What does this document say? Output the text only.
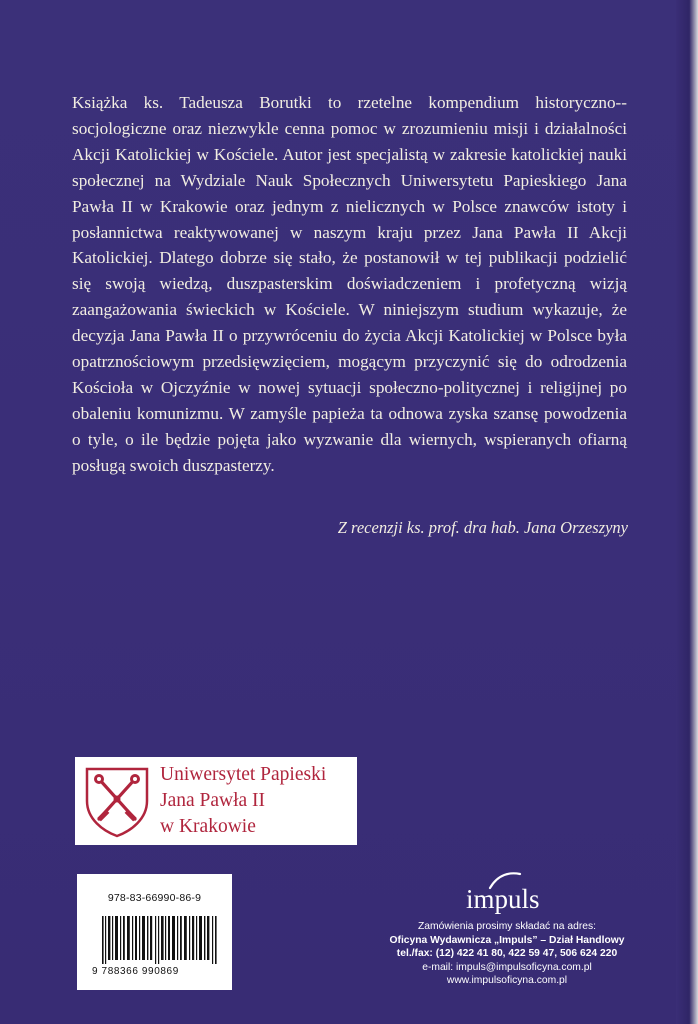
Książka ks. Tadeusza Borutki to rzetelne kompendium historyczno--socjologiczne oraz niezwykle cenna pomoc w zrozumieniu misji i działalności Akcji Katolickiej w Kościele. Autor jest specjalistą w zakresie katolickiej nauki społecznej na Wydziale Nauk Społecznych Uniwersytetu Papieskiego Jana Pawła II w Krakowie oraz jednym z nielicznych w Polsce znawców istoty i posłannictwa reaktywowanej w naszym kraju przez Jana Pawła II Akcji Katolickiej. Dlatego dobrze się stało, że postanowił w tej publikacji podzielić się swoją wiedzą, duszpasterskim doświadczeniem i profetyczną wizją zaangażowania świeckich w Kościele. W niniejszym studium wykazuje, że decyzja Jana Pawła II o przywróceniu do życia Akcji Katolickiej w Polsce była opatrznościowym przedsięwzięciem, mogącym przyczynić się do odrodzenia Kościoła w Ojczyźnie w nowej sytuacji społeczno-politycznej i religijnej po obaleniu komunizmu. W zamyśle papieża ta odnowa zyska szansę powodzenia o tyle, o ile będzie pojęta jako wyzwanie dla wiernych, wspieranych ofiarną posługą swoich duszpasterzy.

Z recenzji ks. prof. dra hab. Jana Orzeszyny

Uniwersytet Papieski
Jana Pawła II
w Krakowie
978-83-66990-86-9
9 788366 990869
impuls
Zamówienia prosimy składać na adres:
Oficyna Wydawnicza „Impuls” – Dział Handlowy
tel./fax: (12) 422 41 80, 422 59 47, 506 624 220
e-mail: impuls@impulsoficyna.com.pl
www.impulsoficyna.com.pl
